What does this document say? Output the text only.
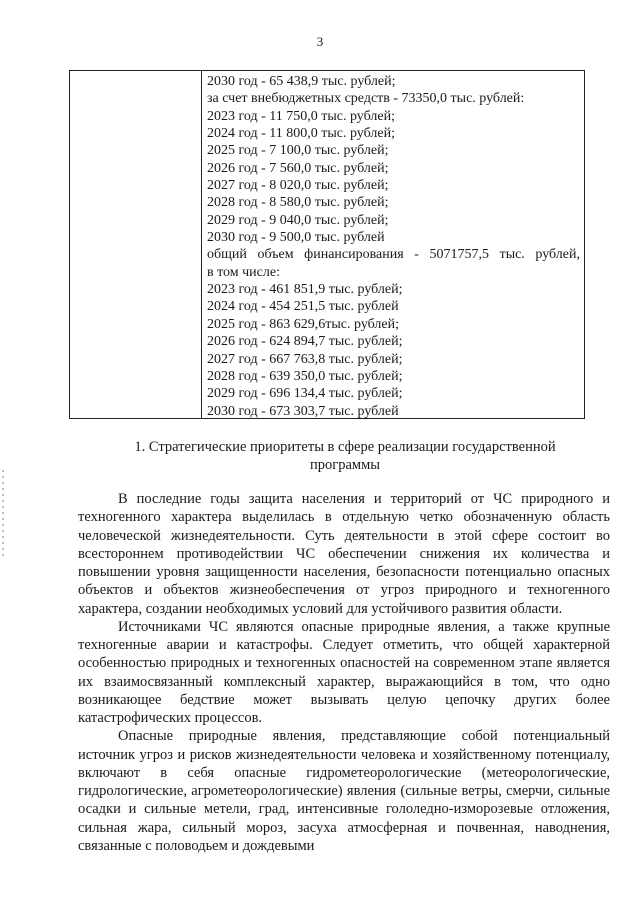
3
2030 год - 65 438,9 тыс. рублей;
за счет внебюджетных средств - 73350,0 тыс. рублей:
2023 год - 11 750,0 тыс. рублей;
2024 год - 11 800,0 тыс. рублей;
2025 год - 7 100,0 тыс. рублей;
2026 год - 7 560,0 тыс. рублей;
2027 год - 8 020,0 тыс. рублей;
2028 год - 8 580,0 тыс. рублей;
2029 год - 9 040,0 тыс. рублей;
2030 год - 9 500,0 тыс. рублей
общий объем финансирования - 5071757,5 тыс. рублей,
в том числе:
2023 год - 461 851,9 тыс. рублей;
2024 год - 454 251,5 тыс. рублей
2025 год - 863 629,6тыс. рублей;
2026 год - 624 894,7 тыс. рублей;
2027 год - 667 763,8 тыс. рублей;
2028 год - 639 350,0 тыс. рублей;
2029 год - 696 134,4 тыс. рублей;
2030 год - 673 303,7 тыс. рублей
1. Стратегические приоритеты в сфере реализации государственной программы

В последние годы защита населения и территорий от ЧС природного и техногенного характера выделилась в отдельную четко обозначенную область человеческой жизнедеятельности. Суть деятельности в этой сфере состоит во всестороннем противодействии ЧС обеспечении снижения их количества и повышении уровня защищенности населения, безопасности потенциально опасных объектов и объектов жизнеобеспечения от угроз природного и техногенного характера, создании необходимых условий для устойчивого развития области.

Источниками ЧС являются опасные природные явления, а также крупные техногенные аварии и катастрофы. Следует отметить, что общей характерной особенностью природных и техногенных опасностей на современном этапе является их взаимосвязанный комплексный характер, выражающийся в том, что одно возникающее бедствие может вызывать целую цепочку других более катастрофических процессов.

Опасные природные явления, представляющие собой потенциальный источник угроз и рисков жизнедеятельности человека и хозяйственному потенциалу, включают в себя опасные гидрометеорологические (метеорологические, гидрологические, агрометеорологические) явления (сильные ветры, смерчи, сильные осадки и сильные метели, град, интенсивные гололедно-изморозевые отложения, сильная жара, сильный мороз, засуха атмосферная и почвенная, наводнения, связанные с половодьем и дождевыми
